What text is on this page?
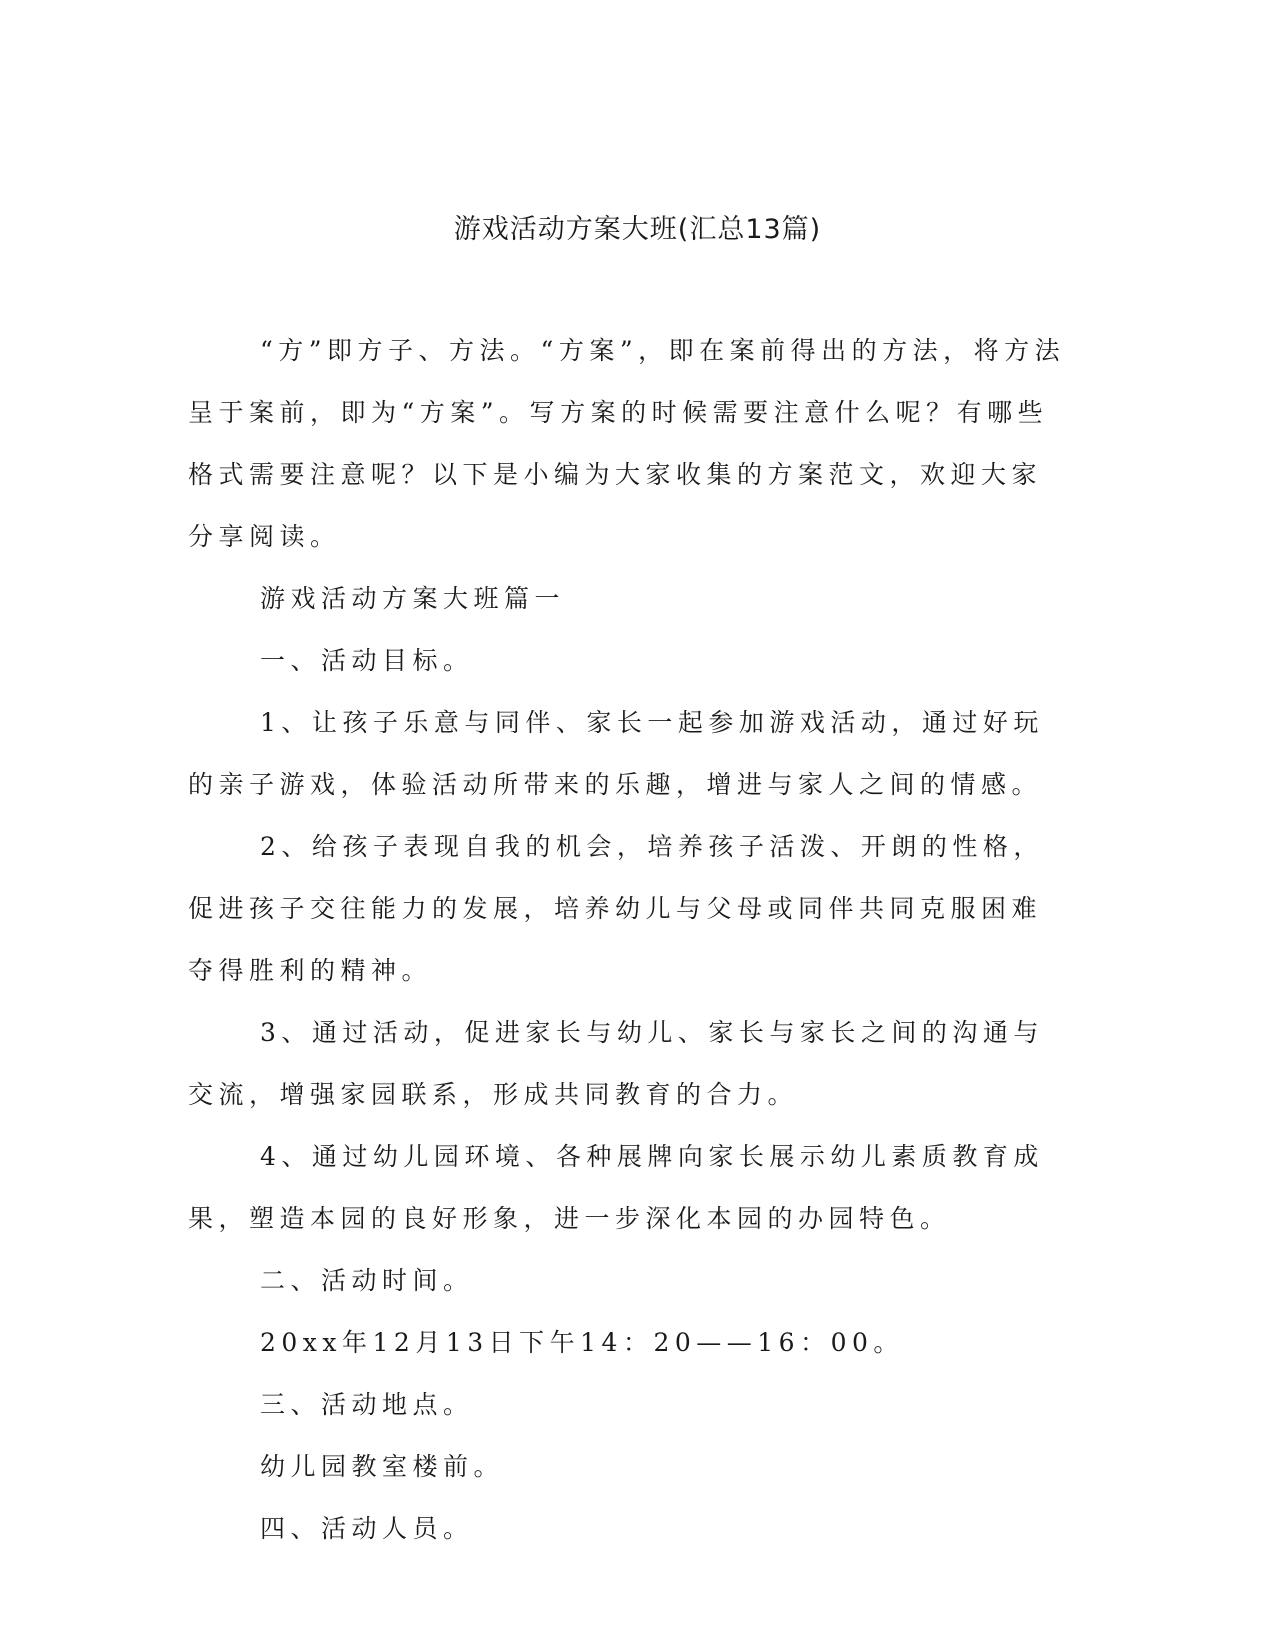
游戏活动方案大班(汇总13篇)

“方”即方子、方法。“方案”，即在案前得出的方法，将方法呈于案前，即为“方案”。写方案的时候需要注意什么呢？有哪些格式需要注意呢？以下是小编为大家收集的方案范文，欢迎大家分享阅读。

游戏活动方案大班篇一

一、活动目标。

1、让孩子乐意与同伴、家长一起参加游戏活动，通过好玩的亲子游戏，体验活动所带来的乐趣，增进与家人之间的情感。

2、给孩子表现自我的机会，培养孩子活泼、开朗的性格，促进孩子交往能力的发展，培养幼儿与父母或同伴共同克服困难夺得胜利的精神。

3、通过活动，促进家长与幼儿、家长与家长之间的沟通与交流，增强家园联系，形成共同教育的合力。

4、通过幼儿园环境、各种展牌向家长展示幼儿素质教育成果，塑造本园的良好形象，进一步深化本园的办园特色。

二、活动时间。

20xx年12月13日下午14：20——16：00。

三、活动地点。

幼儿园教室楼前。

四、活动人员。
